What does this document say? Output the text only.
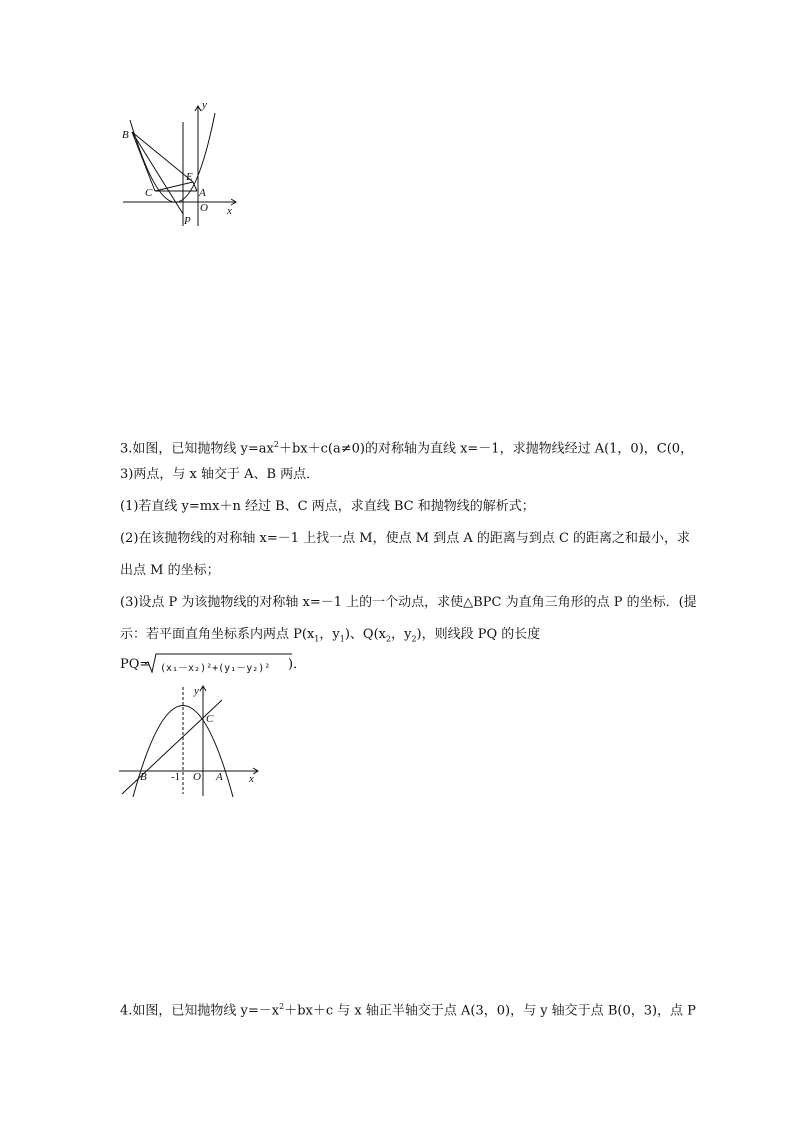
B
E
C	A
O
P
x
y
3.如图，已知抛物线 $y=ax^2+bx+c(a\ne 0)$的对称轴为直线 x=－1，求抛物线经过 A(1，0)，C(0，
3)两点，与 x 轴交于 A、B 两点．
(1)若直线 y=mx＋n 经过 B、C 两点，求直线 BC 和抛物线的解析式；
(2)在该抛物线的对称轴 x=－1 上找一点 M，使点 M 到点 A 的距离与到点 C 的距离之和最小，求
出点 M 的坐标；
(3)设点 P 为该抛物线的对称轴 x=－1 上的一个动点，求使△BPC 为直角三角形的点 P 的坐标．(提
示：若平面直角坐标系内两点 $P(x_1$，$y_1$)、$Q(x_2$，$y_2$)，则线段 PQ 的长度
PQ= (x₁－x₂)²+(y₁－y₂)² )．
y
C
B -1 O A x
4.如图，已知抛物线 $y=-x^2+bx+c$ 与 x 轴正半轴交于点 A(3，0)，与 y 轴交于点 B(0，3)，点 P
